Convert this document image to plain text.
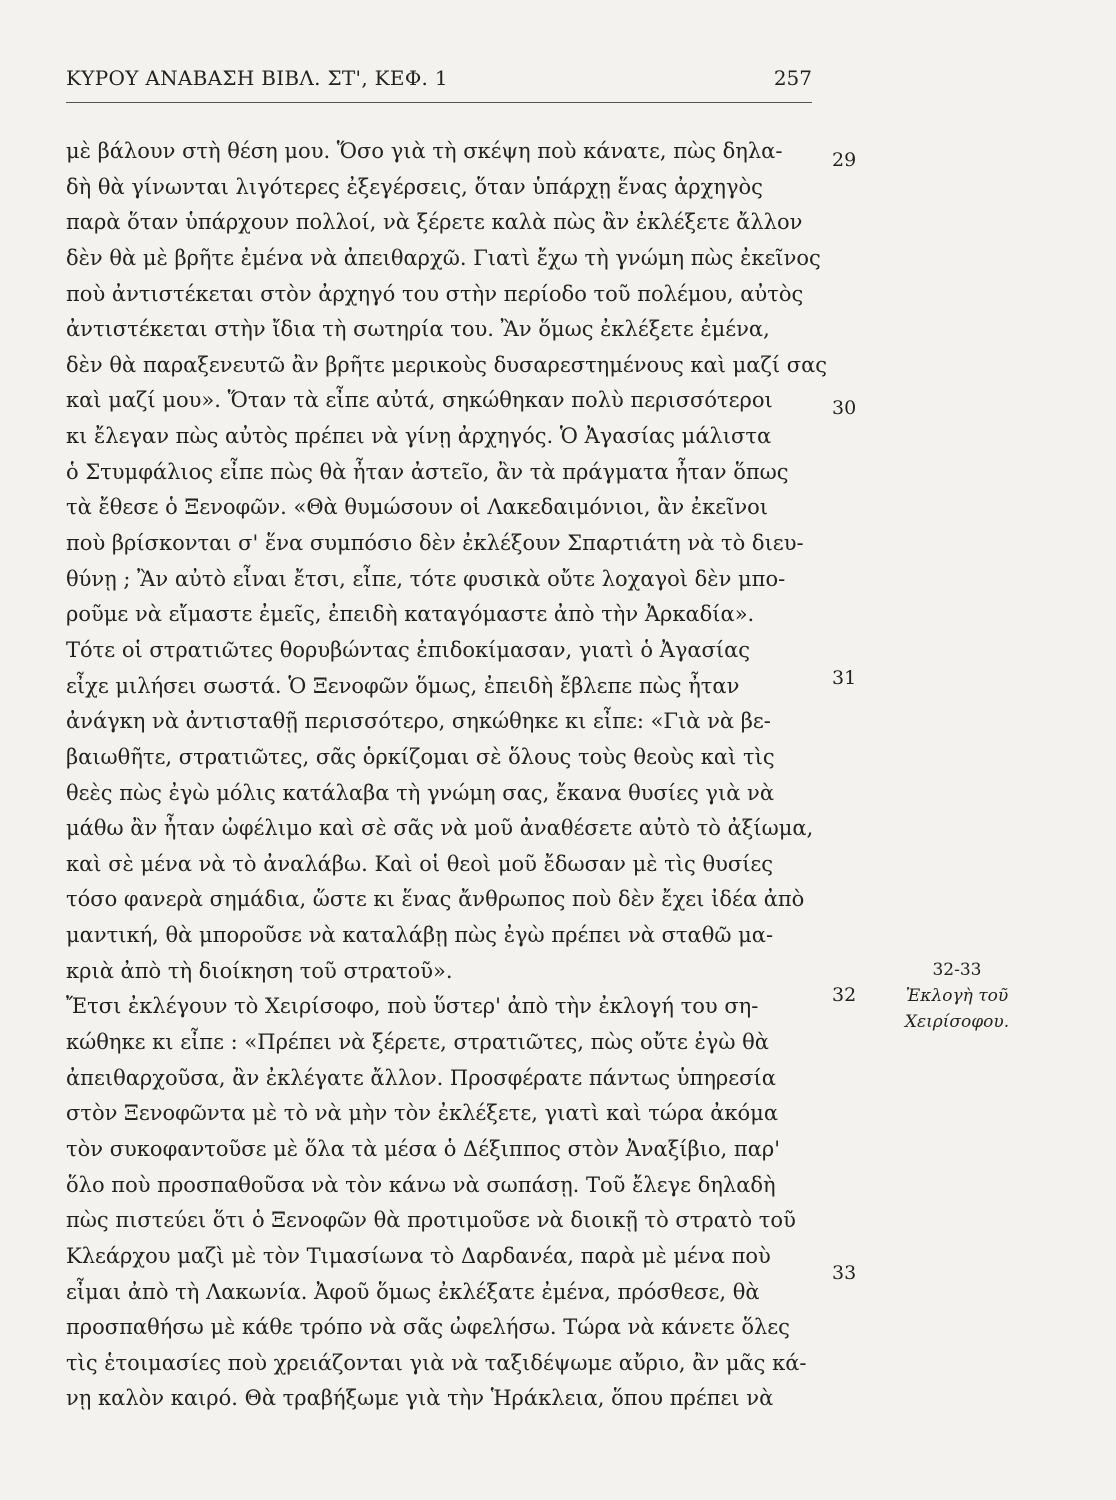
ΚΥΡΟΥ ΑΝΑΒΑΣΗ ΒΙΒΛ. ΣΤ', ΚΕΦ. 1	257
μὲ βάλουν στὴ θέση μου. Ὅσο γιὰ τὴ σκέψη ποὺ κάνατε, πὼς δηλα-
δὴ θὰ γίνωνται λιγότερες ἐξεγέρσεις, ὅταν ὑπάρχῃ ἕνας ἀρχηγὸς
παρὰ ὅταν ὑπάρχουν πολλοί, νὰ ξέρετε καλὰ πὼς ἂν ἐκλέξετε ἄλλον
δὲν θὰ μὲ βρῆτε ἐμένα νὰ ἀπειθαρχῶ. Γιατὶ ἔχω τὴ γνώμη πὼς ἐκεῖνος
ποὺ ἀντιστέκεται στὸν ἀρχηγό του στὴν περίοδο τοῦ πολέμου, αὐτὸς
ἀντιστέκεται στὴν ἴδια τὴ σωτηρία του. Ἂν ὅμως ἐκλέξετε ἐμένα,
δὲν θὰ παραξενευτῶ ἂν βρῆτε μερικοὺς δυσαρεστημένους καὶ μαζί σας
καὶ μαζί μου». Ὅταν τὰ εἶπε αὐτά, σηκώθηκαν πολὺ περισσότεροι
κι ἔλεγαν πὼς αὐτὸς πρέπει νὰ γίνῃ ἀρχηγός. Ὁ Ἀγασίας μάλιστα
ὁ Στυμφάλιος εἶπε πὼς θὰ ἦταν ἀστεῖο, ἂν τὰ πράγματα ἦταν ὅπως
τὰ ἔθεσε ὁ Ξενοφῶν. «Θὰ θυμώσουν οἱ Λακεδαιμόνιοι, ἂν ἐκεῖνοι
ποὺ βρίσκονται σ' ἕνα συμπόσιο δὲν ἐκλέξουν Σπαρτιάτη νὰ τὸ διευ-
θύνῃ ; Ἂν αὐτὸ εἶναι ἔτσι, εἶπε, τότε φυσικὰ οὔτε λοχαγοὶ δὲν μπο-
ροῦμε νὰ εἴμαστε ἐμεῖς, ἐπειδὴ καταγόμαστε ἀπὸ τὴν Ἀρκαδία».
Τότε οἱ στρατιῶτες θορυβώντας ἐπιδοκίμασαν, γιατὶ ὁ Ἀγασίας
εἶχε μιλήσει σωστά. Ὁ Ξενοφῶν ὅμως, ἐπειδὴ ἔβλεπε πὼς ἦταν
ἀνάγκη νὰ ἀντισταθῇ περισσότερο, σηκώθηκε κι εἶπε: «Γιὰ νὰ βε-
βαιωθῆτε, στρατιῶτες, σᾶς ὁρκίζομαι σὲ ὅλους τοὺς θεοὺς καὶ τὶς
θεὲς πὼς ἐγὼ μόλις κατάλαβα τὴ γνώμη σας, ἔκανα θυσίες γιὰ νὰ
μάθω ἂν ἦταν ὠφέλιμο καὶ σὲ σᾶς νὰ μοῦ ἀναθέσετε αὐτὸ τὸ ἀξίωμα,
καὶ σὲ μένα νὰ τὸ ἀναλάβω. Καὶ οἱ θεοὶ μοῦ ἔδωσαν μὲ τὶς θυσίες
τόσο φανερὰ σημάδια, ὥστε κι ἕνας ἄνθρωπος ποὺ δὲν ἔχει ἰδέα ἀπὸ
μαντική, θὰ μποροῦσε νὰ καταλάβῃ πὼς ἐγὼ πρέπει νὰ σταθῶ μα-
κριὰ ἀπὸ τὴ διοίκηση τοῦ στρατοῦ».
Ἔτσι ἐκλέγουν τὸ Χειρίσοφο, ποὺ ὕστερ' ἀπὸ τὴν ἐκλογή του ση-
κώθηκε κι εἶπε : «Πρέπει νὰ ξέρετε, στρατιῶτες, πὼς οὔτε ἐγὼ θὰ
ἀπειθαρχοῦσα, ἂν ἐκλέγατε ἄλλον. Προσφέρατε πάντως ὑπηρεσία
στὸν Ξενοφῶντα μὲ τὸ νὰ μὴν τὸν ἐκλέξετε, γιατὶ καὶ τώρα ἀκόμα
τὸν συκοφαντοῦσε μὲ ὅλα τὰ μέσα ὁ Δέξιππος στὸν Ἀναξίβιο, παρ'
ὅλο ποὺ προσπαθοῦσα νὰ τὸν κάνω νὰ σωπάσῃ. Τοῦ ἔλεγε δηλαδὴ
πὼς πιστεύει ὅτι ὁ Ξενοφῶν θὰ προτιμοῦσε νὰ διοικῇ τὸ στρατὸ τοῦ
Κλεάρχου μαζὶ μὲ τὸν Τιμασίωνα τὸ Δαρδανέα, παρὰ μὲ μένα ποὺ
εἶμαι ἀπὸ τὴ Λακωνία. Ἀφοῦ ὅμως ἐκλέξατε ἐμένα, πρόσθεσε, θὰ
προσπαθήσω μὲ κάθε τρόπο νὰ σᾶς ὠφελήσω. Τώρα νὰ κάνετε ὅλες
τὶς ἑτοιμασίες ποὺ χρειάζονται γιὰ νὰ ταξιδέψωμε αὔριο, ἂν μᾶς κά-
νῃ καλὸν καιρό. Θὰ τραβήξωμε γιὰ τὴν Ἡράκλεια, ὅπου πρέπει νὰ
29
30
31
32
33
32-33
Ἐκλογὴ τοῦ
Χειρίσοφου.
